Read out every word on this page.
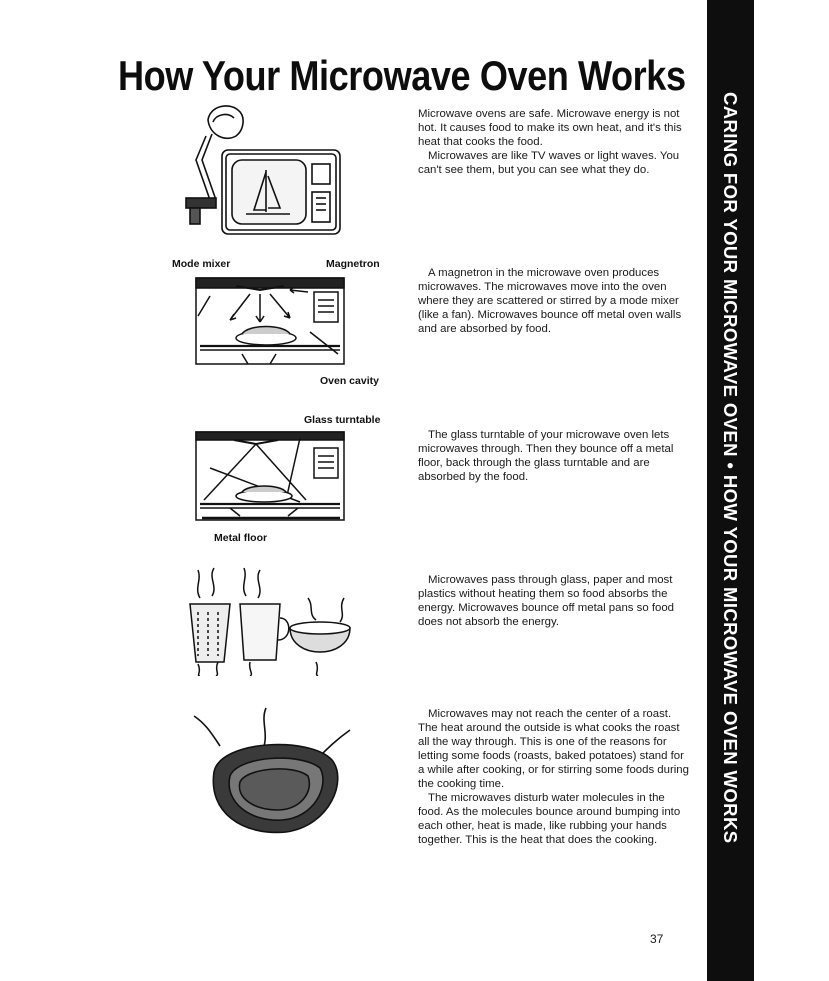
How Your Microwave Oven Works
CARING FOR YOUR MICROWAVE OVEN • HOW YOUR MICROWAVE OVEN WORKS
Mode mixer	Magnetron
Oven cavity
Glass turntable
Metal floor

Microwave ovens are safe. Microwave energy is not hot. It causes food to make its own heat, and it's this heat that cooks the food.

Microwaves are like TV waves or light waves. You can't see them, but you can see what they do.

A magnetron in the microwave oven produces microwaves. The microwaves move into the oven where they are scattered or stirred by a mode mixer (like a fan). Microwaves bounce off metal oven walls and are absorbed by food.

The glass turntable of your microwave oven lets microwaves through. Then they bounce off a metal floor, back through the glass turntable and are absorbed by the food.

Microwaves pass through glass, paper and most plastics without heating them so food absorbs the energy. Microwaves bounce off metal pans so food does not absorb the energy.

Microwaves may not reach the center of a roast. The heat around the outside is what cooks the roast all the way through. This is one of the reasons for letting some foods (roasts, baked potatoes) stand for a while after cooking, or for stirring some foods during the cooking time.

The microwaves disturb water molecules in the food. As the molecules bounce around bumping into each other, heat is made, like rubbing your hands together. This is the heat that does the cooking.

37
